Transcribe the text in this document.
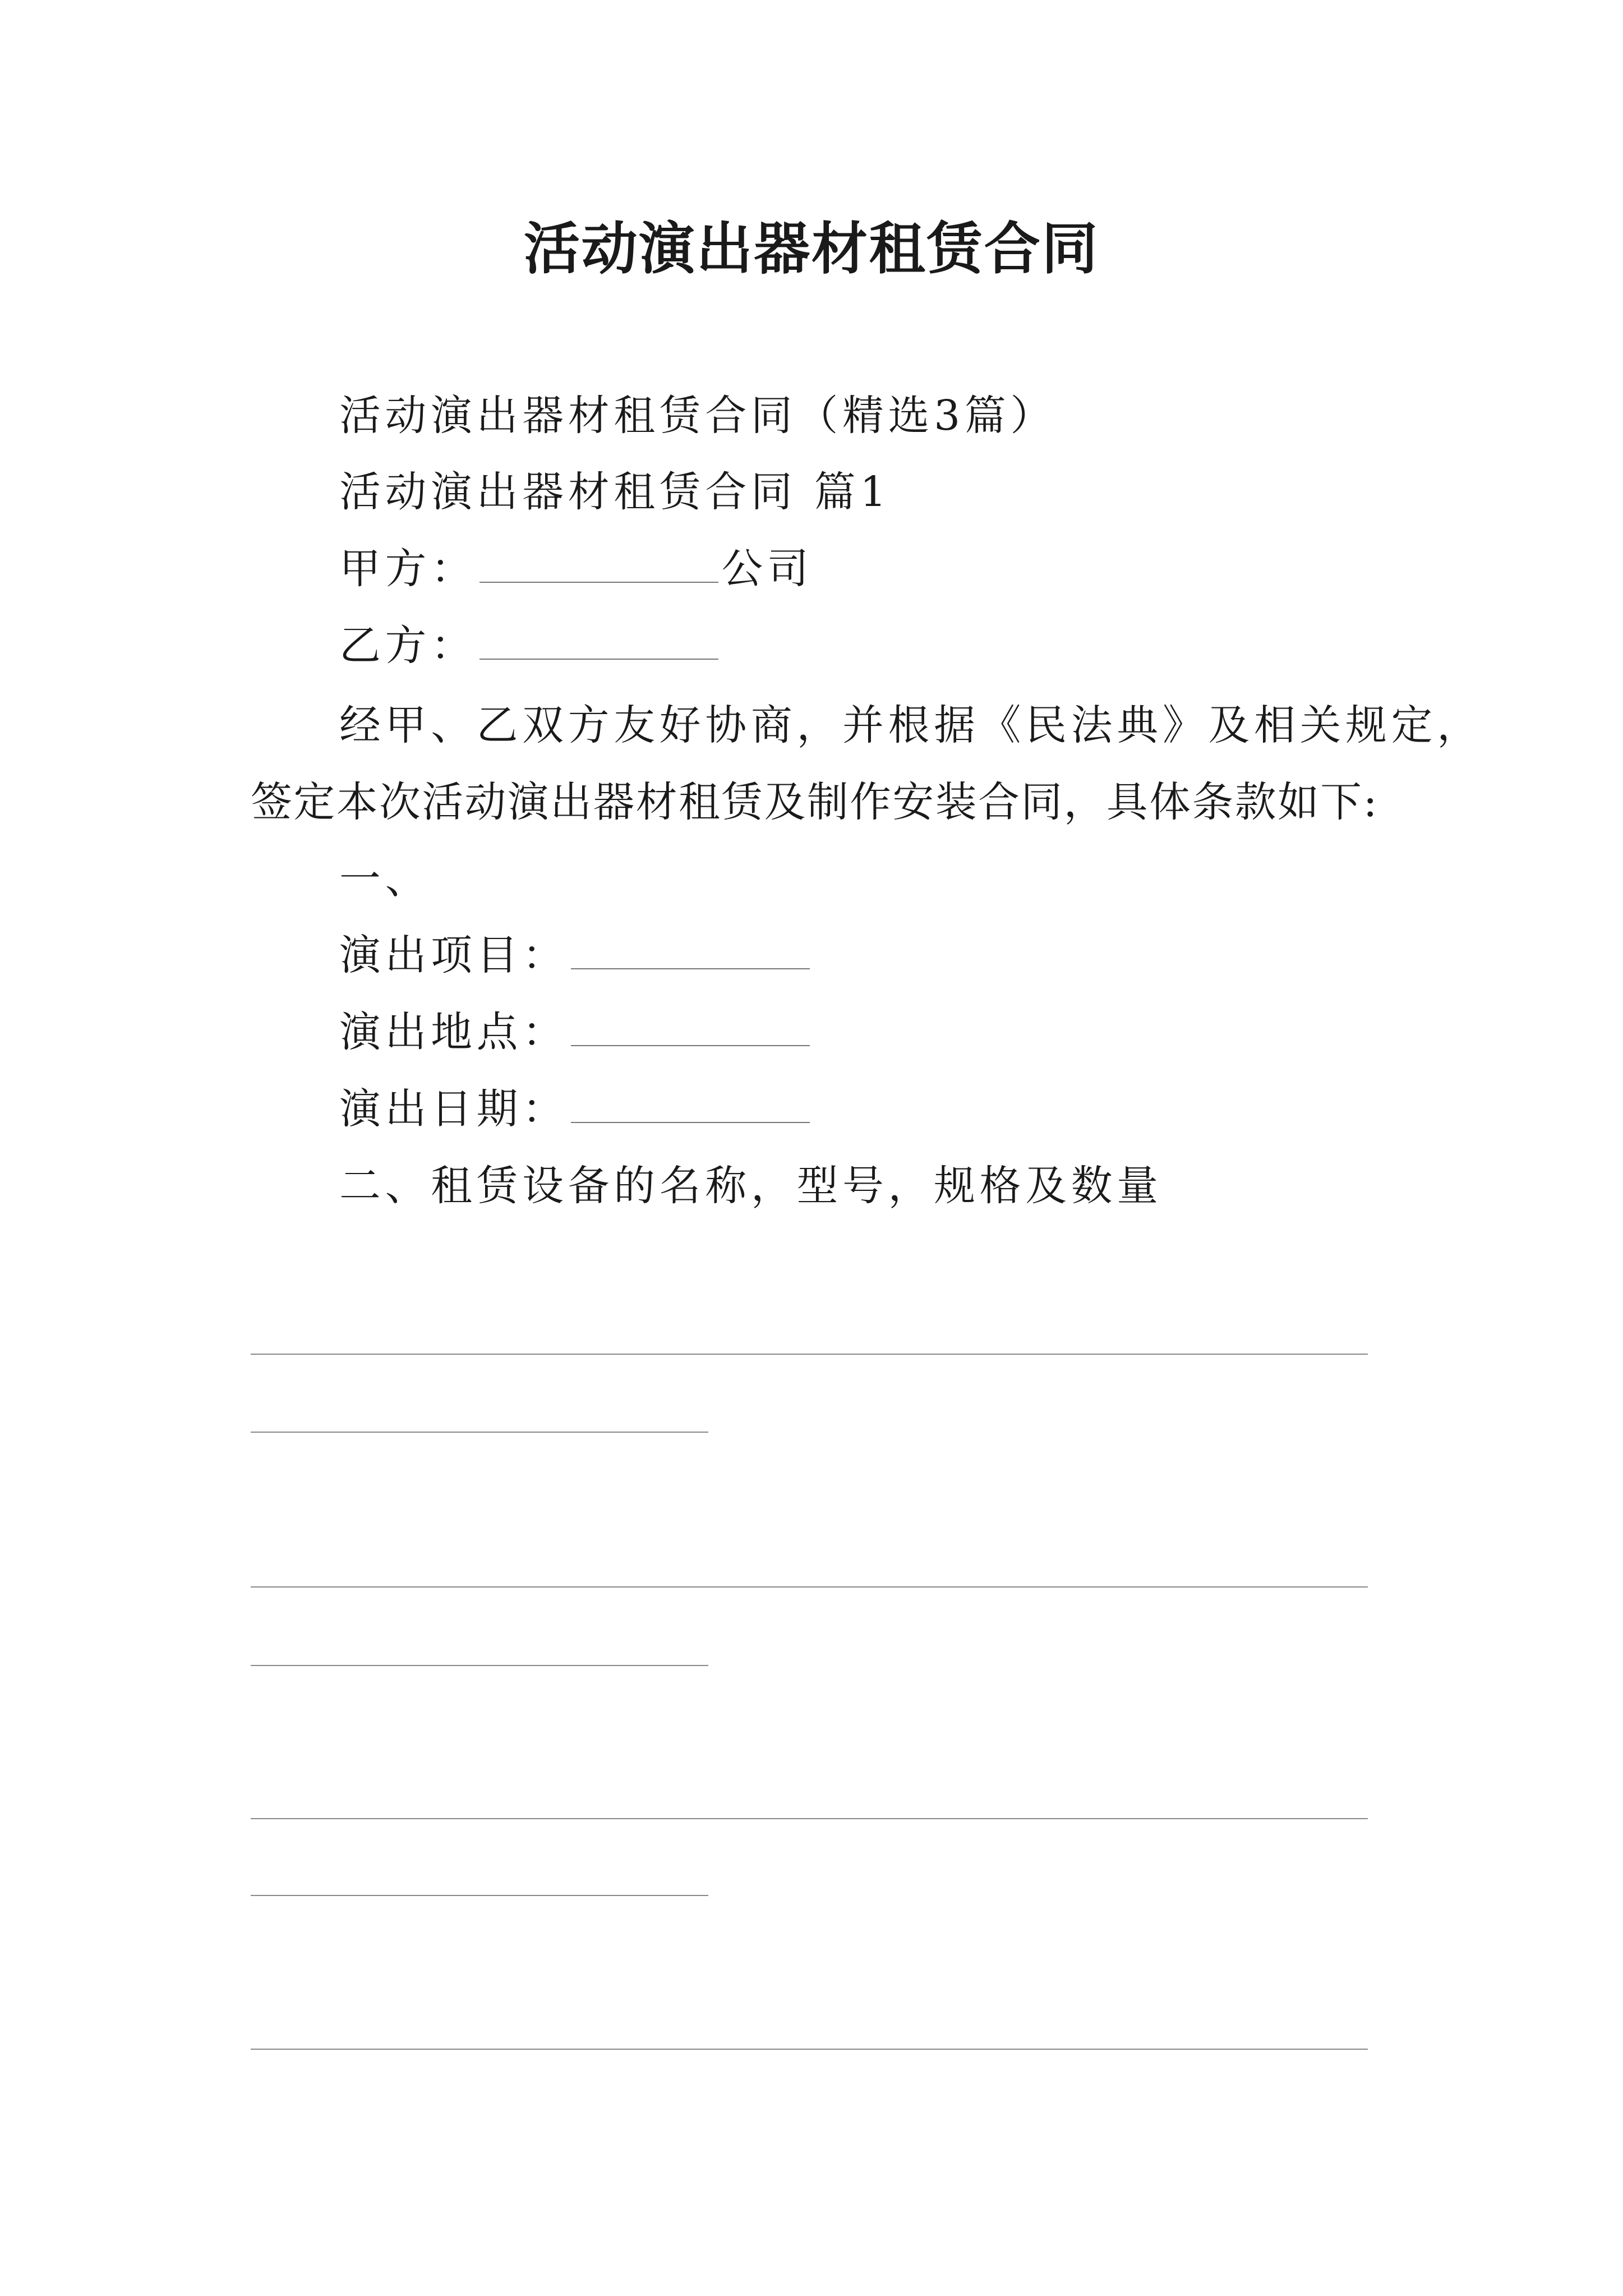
活动演出器材租赁合同
活动演出器材租赁合同（精选3篇）
活动演出器材租赁合同 篇1
甲方：	公司
乙方：
经甲、乙双方友好协商，并根据《民法典》及相关规定，
签定本次活动演出器材租赁及制作安装合同，具体条款如下:
一、
演出项目：
演出地点：
演出日期：
二、租赁设备的名称，型号，规格及数量
